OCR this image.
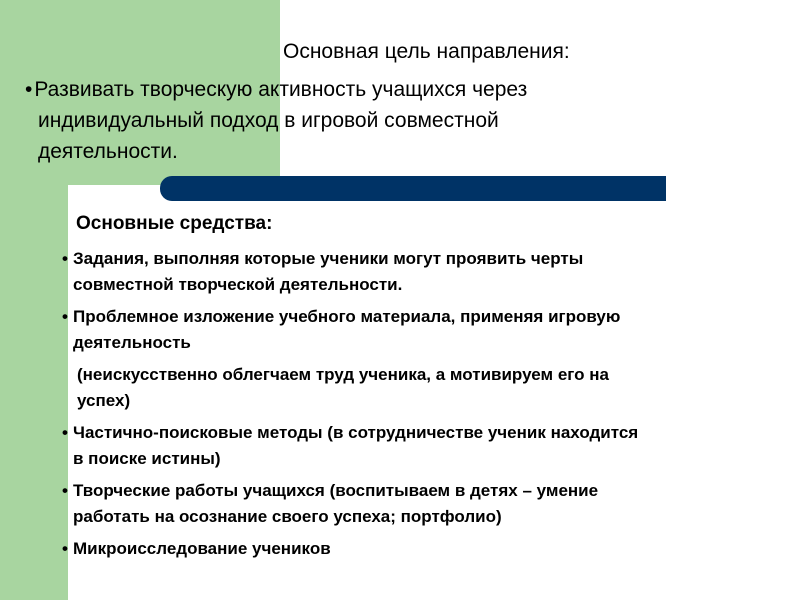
Основная цель направления:
•Развивать творческую активность учащихся через
индивидуальный подход в игровой совместной
деятельности.
Основные средства:
• Задания, выполняя которые ученики могут проявить черты
совместной творческой деятельности.
• Проблемное изложение учебного материала, применяя игровую
деятельность
(неискусственно облегчаем труд ученика, а мотивируем его на
успех)
• Частично-поисковые методы (в сотрудничестве ученик находится
в поиске истины)
• Творческие работы учащихся (воспитываем в детях – умение
работать на осознание своего успеха; портфолио)
• Микроисследование учеников
